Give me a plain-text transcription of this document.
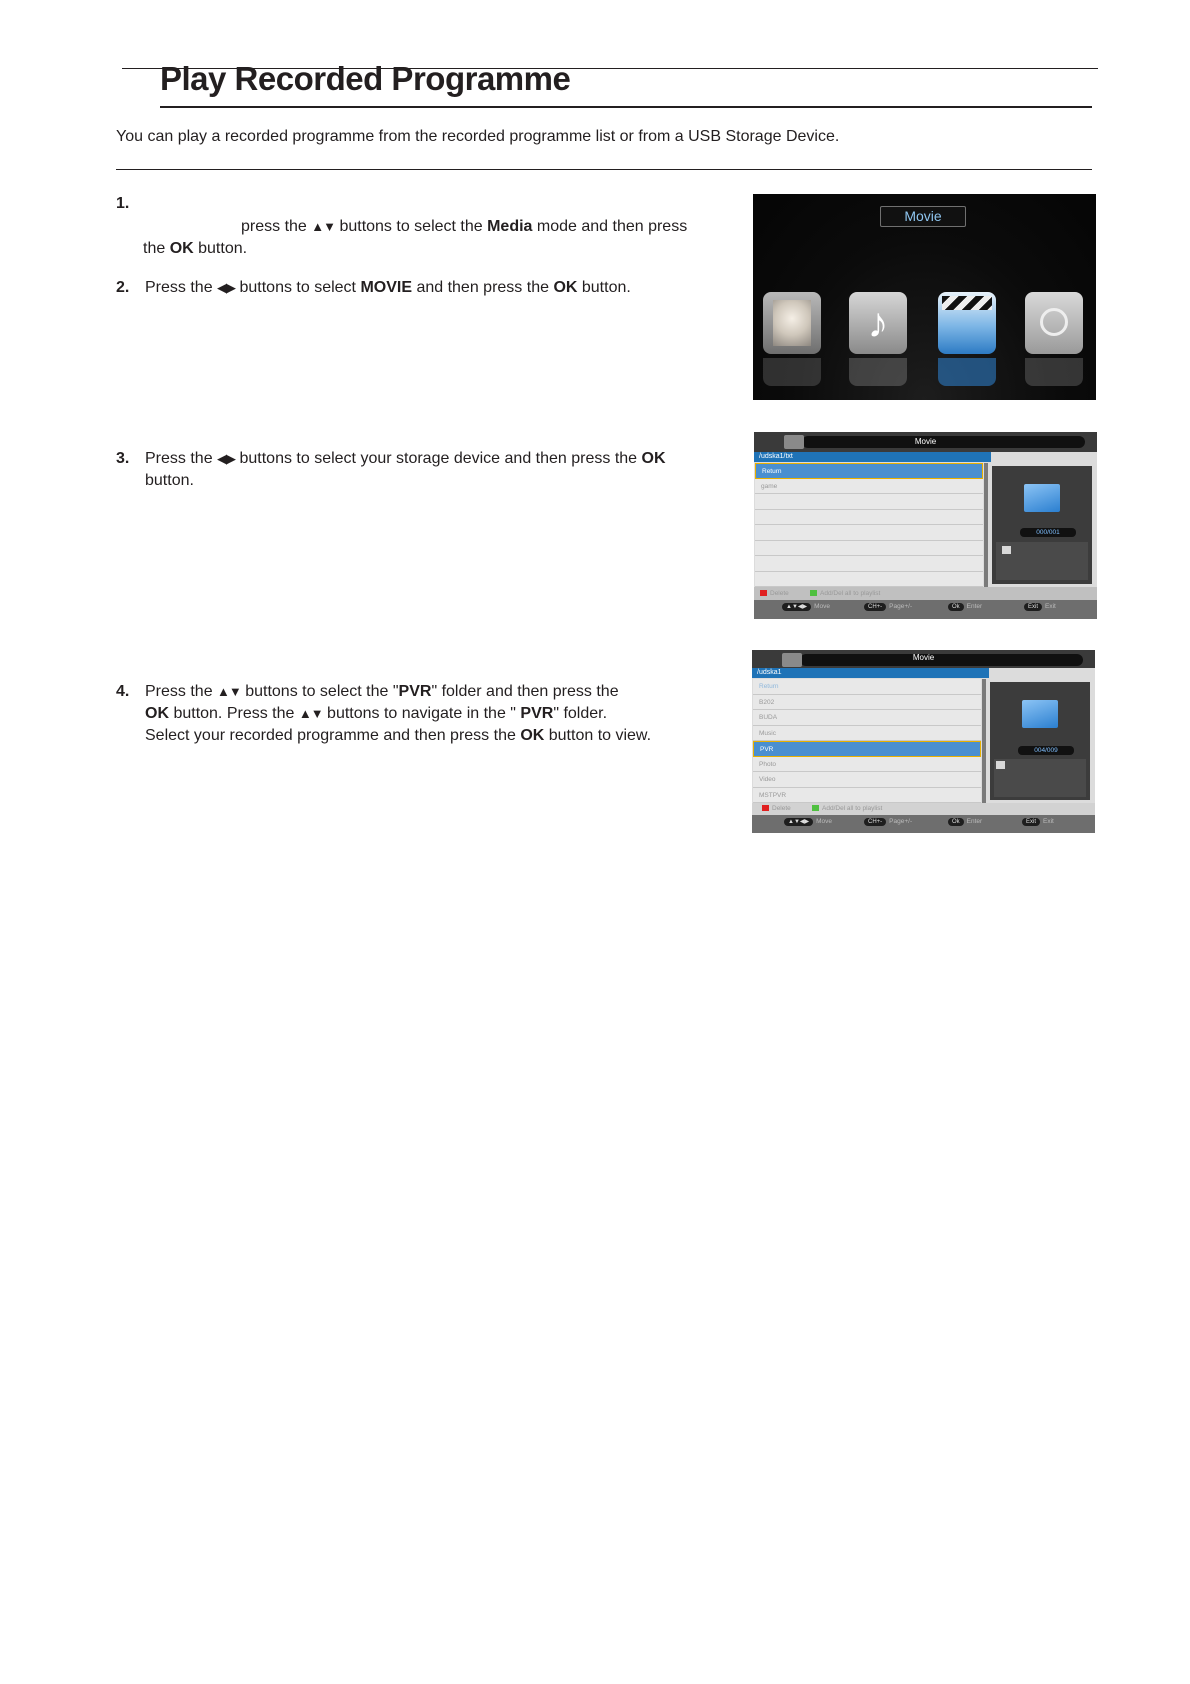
Play Recorded Programme

You can play a recorded programme from the recorded programme list or from a USB Storage Device.

1.
press the ▲▼ buttons to select the Media mode and then press
the OK button.
2. Press the ◀▶ buttons to select MOVIE and then press the OK button.
3. Press the ◀▶ buttons to select your storage device and then press the OK
button.
4. Press the ▲▼ buttons to select the "PVR" folder and then press the
OK button. Press the ▲▼ buttons to navigate in the " PVR" folder.
Select your recorded programme and then press the OK button to view.
Movie
♪
Movie
/udska1/txt
Return
game
000/001
Delete	Add/Del all to playlist
▲▼◀▶ Move	CH+- Page+/-	Ok Enter	Exit Exit
Movie
/udska1
Return
B202
BUDA
Music
PVR
Photo
Video
MSTPVR
004/009
Delete	Add/Del all to playlist
▲▼◀▶ Move	CH+- Page+/-	Ok Enter	Exit Exit
